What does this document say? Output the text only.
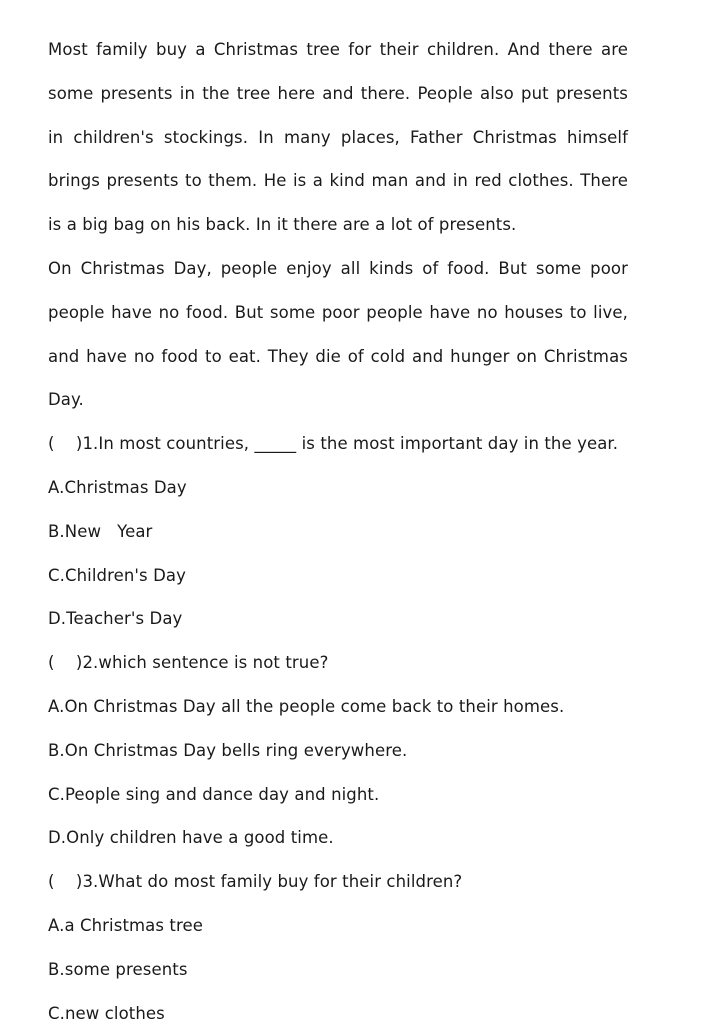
Most family buy a Christmas tree for their children. And there are some presents in the tree here and there. People also put presents in children's stockings. In many places, Father Christmas himself brings presents to them. He is a kind man and in red clothes. There is a big bag on his back. In it there are a lot of presents.

On Christmas Day, people enjoy all kinds of food. But some poor people have no food. But some poor people have no houses to live, and have no food to eat. They die of cold and hunger on Christmas Day.

(    )1.In most countries, _____ is the most important day in the year.

A.Christmas Day

B.New   Year

C.Children's Day

D.Teacher's Day

(    )2.which sentence is not true?

A.On Christmas Day all the people come back to their homes.

B.On Christmas Day bells ring everywhere.

C.People sing and dance day and night.

D.Only children have a good time.

(    )3.What do most family buy for their children?

A.a Christmas tree

B.some presents

C.new clothes
